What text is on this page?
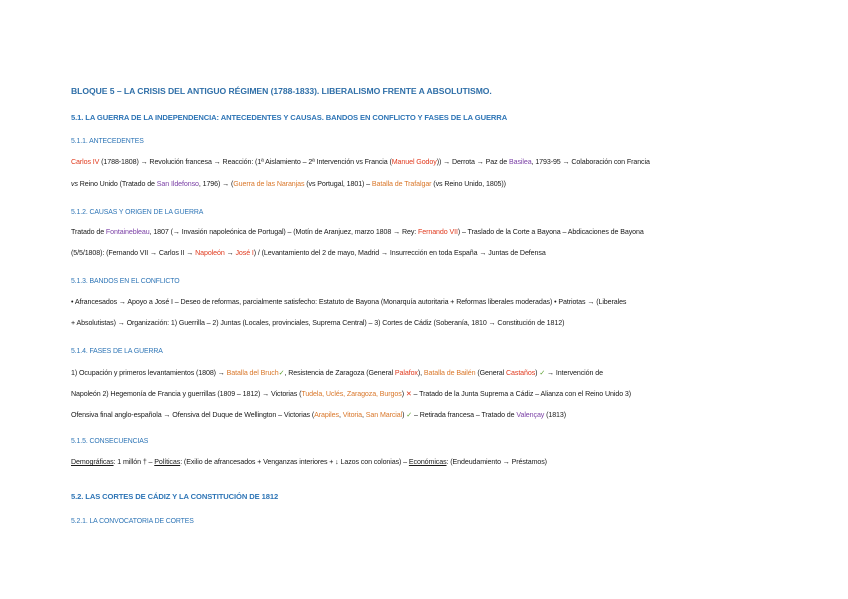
BLOQUE 5 – LA CRISIS DEL ANTIGUO RÉGIMEN (1788-1833). LIBERALISMO FRENTE A ABSOLUTISMO.
5.1. LA GUERRA DE LA INDEPENDENCIA: ANTECEDENTES Y CAUSAS. BANDOS EN CONFLICTO Y FASES DE LA GUERRA
5.1.1. ANTECEDENTES
Carlos IV (1788-1808) → Revolución francesa → Reacción: (1ª Aislamiento – 2ª Intervención vs Francia (Manuel Godoy)) → Derrota → Paz de Basilea, 1793-95 → Colaboración con Francia
vs Reino Unido (Tratado de San Ildefonso, 1796) → (Guerra de las Naranjas (vs Portugal, 1801) – Batalla de Trafalgar (vs Reino Unido, 1805))
5.1.2. CAUSAS Y ORIGEN DE LA GUERRA
Tratado de Fontainebleau, 1807 (→ Invasión napoleónica de Portugal) – (Motín de Aranjuez, marzo 1808 → Rey: Fernando VII) – Traslado de la Corte a Bayona – Abdicaciones de Bayona
(5/5/1808): (Fernando VII → Carlos II → Napoleón → José I) / (Levantamiento del 2 de mayo, Madrid → Insurrección en toda España → Juntas de Defensa
5.1.3. BANDOS EN EL CONFLICTO
• Afrancesados → Apoyo a José I – Deseo de reformas, parcialmente satisfecho: Estatuto de Bayona (Monarquía autoritaria + Reformas liberales moderadas) • Patriotas → (Liberales
+ Absolutistas) → Organización: 1) Guerrilla – 2) Juntas (Locales, provinciales, Suprema Central) – 3) Cortes de Cádiz (Soberanía, 1810 → Constitución de 1812)
5.1.4. FASES DE LA GUERRA
1) Ocupación y primeros levantamientos (1808) → Batalla del Bruch✓, Resistencia de Zaragoza (General Palafox), Batalla de Bailén (General Castaños) ✓ → Intervención de
Napoleón 2) Hegemonía de Francia y guerrillas (1809 – 1812) → Victorias (Tudela, Uclés, Zaragoza, Burgos) ✕ – Tratado de la Junta Suprema a Cádiz – Alianza con el Reino Unido 3)
Ofensiva final anglo-española → Ofensiva del Duque de Wellington – Victorias (Arapiles, Vitoria, San Marcial) ✓ – Retirada francesa – Tratado de Valençay (1813)
5.1.5. CONSECUENCIAS
Demográficas: 1 millón † – Políticas: (Exilio de afrancesados + Venganzas interiores + ↓ Lazos con colonias) – Económicas: (Endeudamiento → Préstamos)
5.2. LAS CORTES DE CÁDIZ Y LA CONSTITUCIÓN DE 1812
5.2.1. LA CONVOCATORIA DE CORTES
